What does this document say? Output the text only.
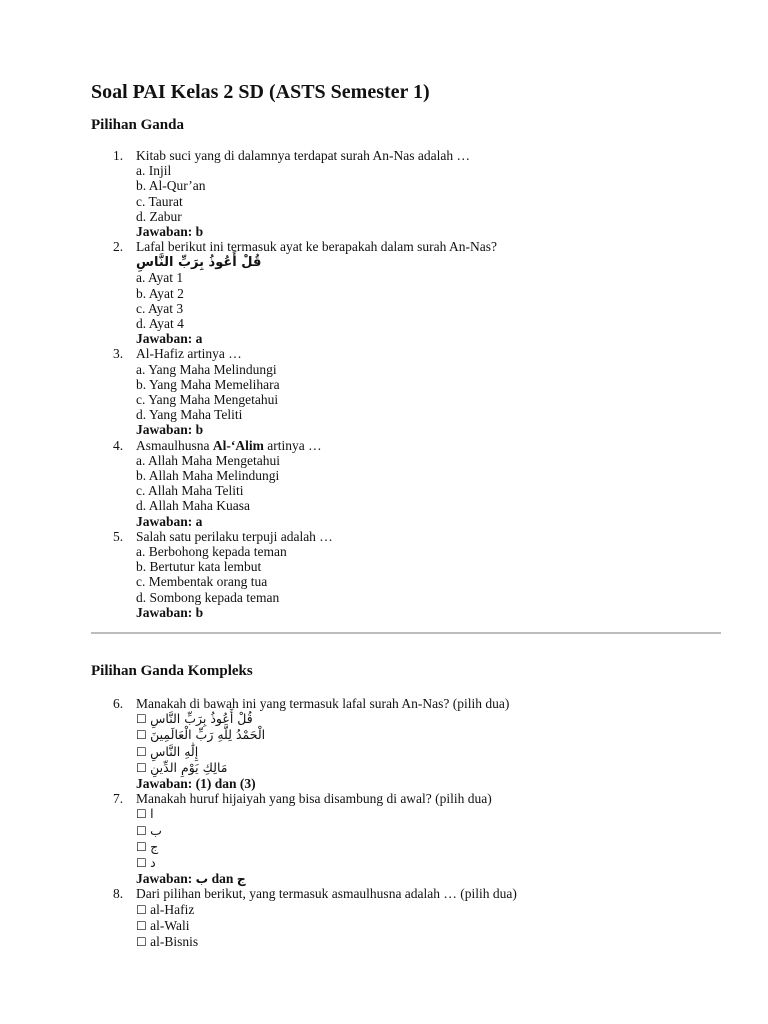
Soal PAI Kelas 2 SD (ASTS Semester 1)
Pilihan Ganda
1. Kitab suci yang di dalamnya terdapat surah An-Nas adalah …
a. Injil
b. Al-Qur’an
c. Taurat
d. Zabur
Jawaban: b
2. Lafal berikut ini termasuk ayat ke berapakah dalam surah An-Nas?
قُلْ أَعُوذُ بِرَبِّ النَّاسِ
a. Ayat 1
b. Ayat 2
c. Ayat 3
d. Ayat 4
Jawaban: a
3. Al-Hafiz artinya …
a. Yang Maha Melindungi
b. Yang Maha Memelihara
c. Yang Maha Mengetahui
d. Yang Maha Teliti
Jawaban: b
4. Asmaulhusna Al-‘Alim artinya …
a. Allah Maha Mengetahui
b. Allah Maha Melindungi
c. Allah Maha Teliti
d. Allah Maha Kuasa
Jawaban: a
5. Salah satu perilaku terpuji adalah …
a. Berbohong kepada teman
b. Bertutur kata lembut
c. Membentak orang tua
d. Sombong kepada teman
Jawaban: b
Pilihan Ganda Kompleks
6. Manakah di bawah ini yang termasuk lafal surah An-Nas? (pilih dua)
☐ قُلْ أَعُوذُ بِرَبِّ النَّاسِ
☐ الْحَمْدُ لِلَّهِ رَبِّ الْعَالَمِينَ
☐ إِلَٰهِ النَّاسِ
☐ مَالِكِ يَوْمِ الدِّينِ
Jawaban: (1) dan (3)
7. Manakah huruf hijaiyah yang bisa disambung di awal? (pilih dua)
☐ ا
☐ ب
☐ ج
☐ د
Jawaban: ب dan ج
8. Dari pilihan berikut, yang termasuk asmaulhusna adalah … (pilih dua)
☐ al-Hafiz
☐ al-Wali
☐ al-Bisnis
